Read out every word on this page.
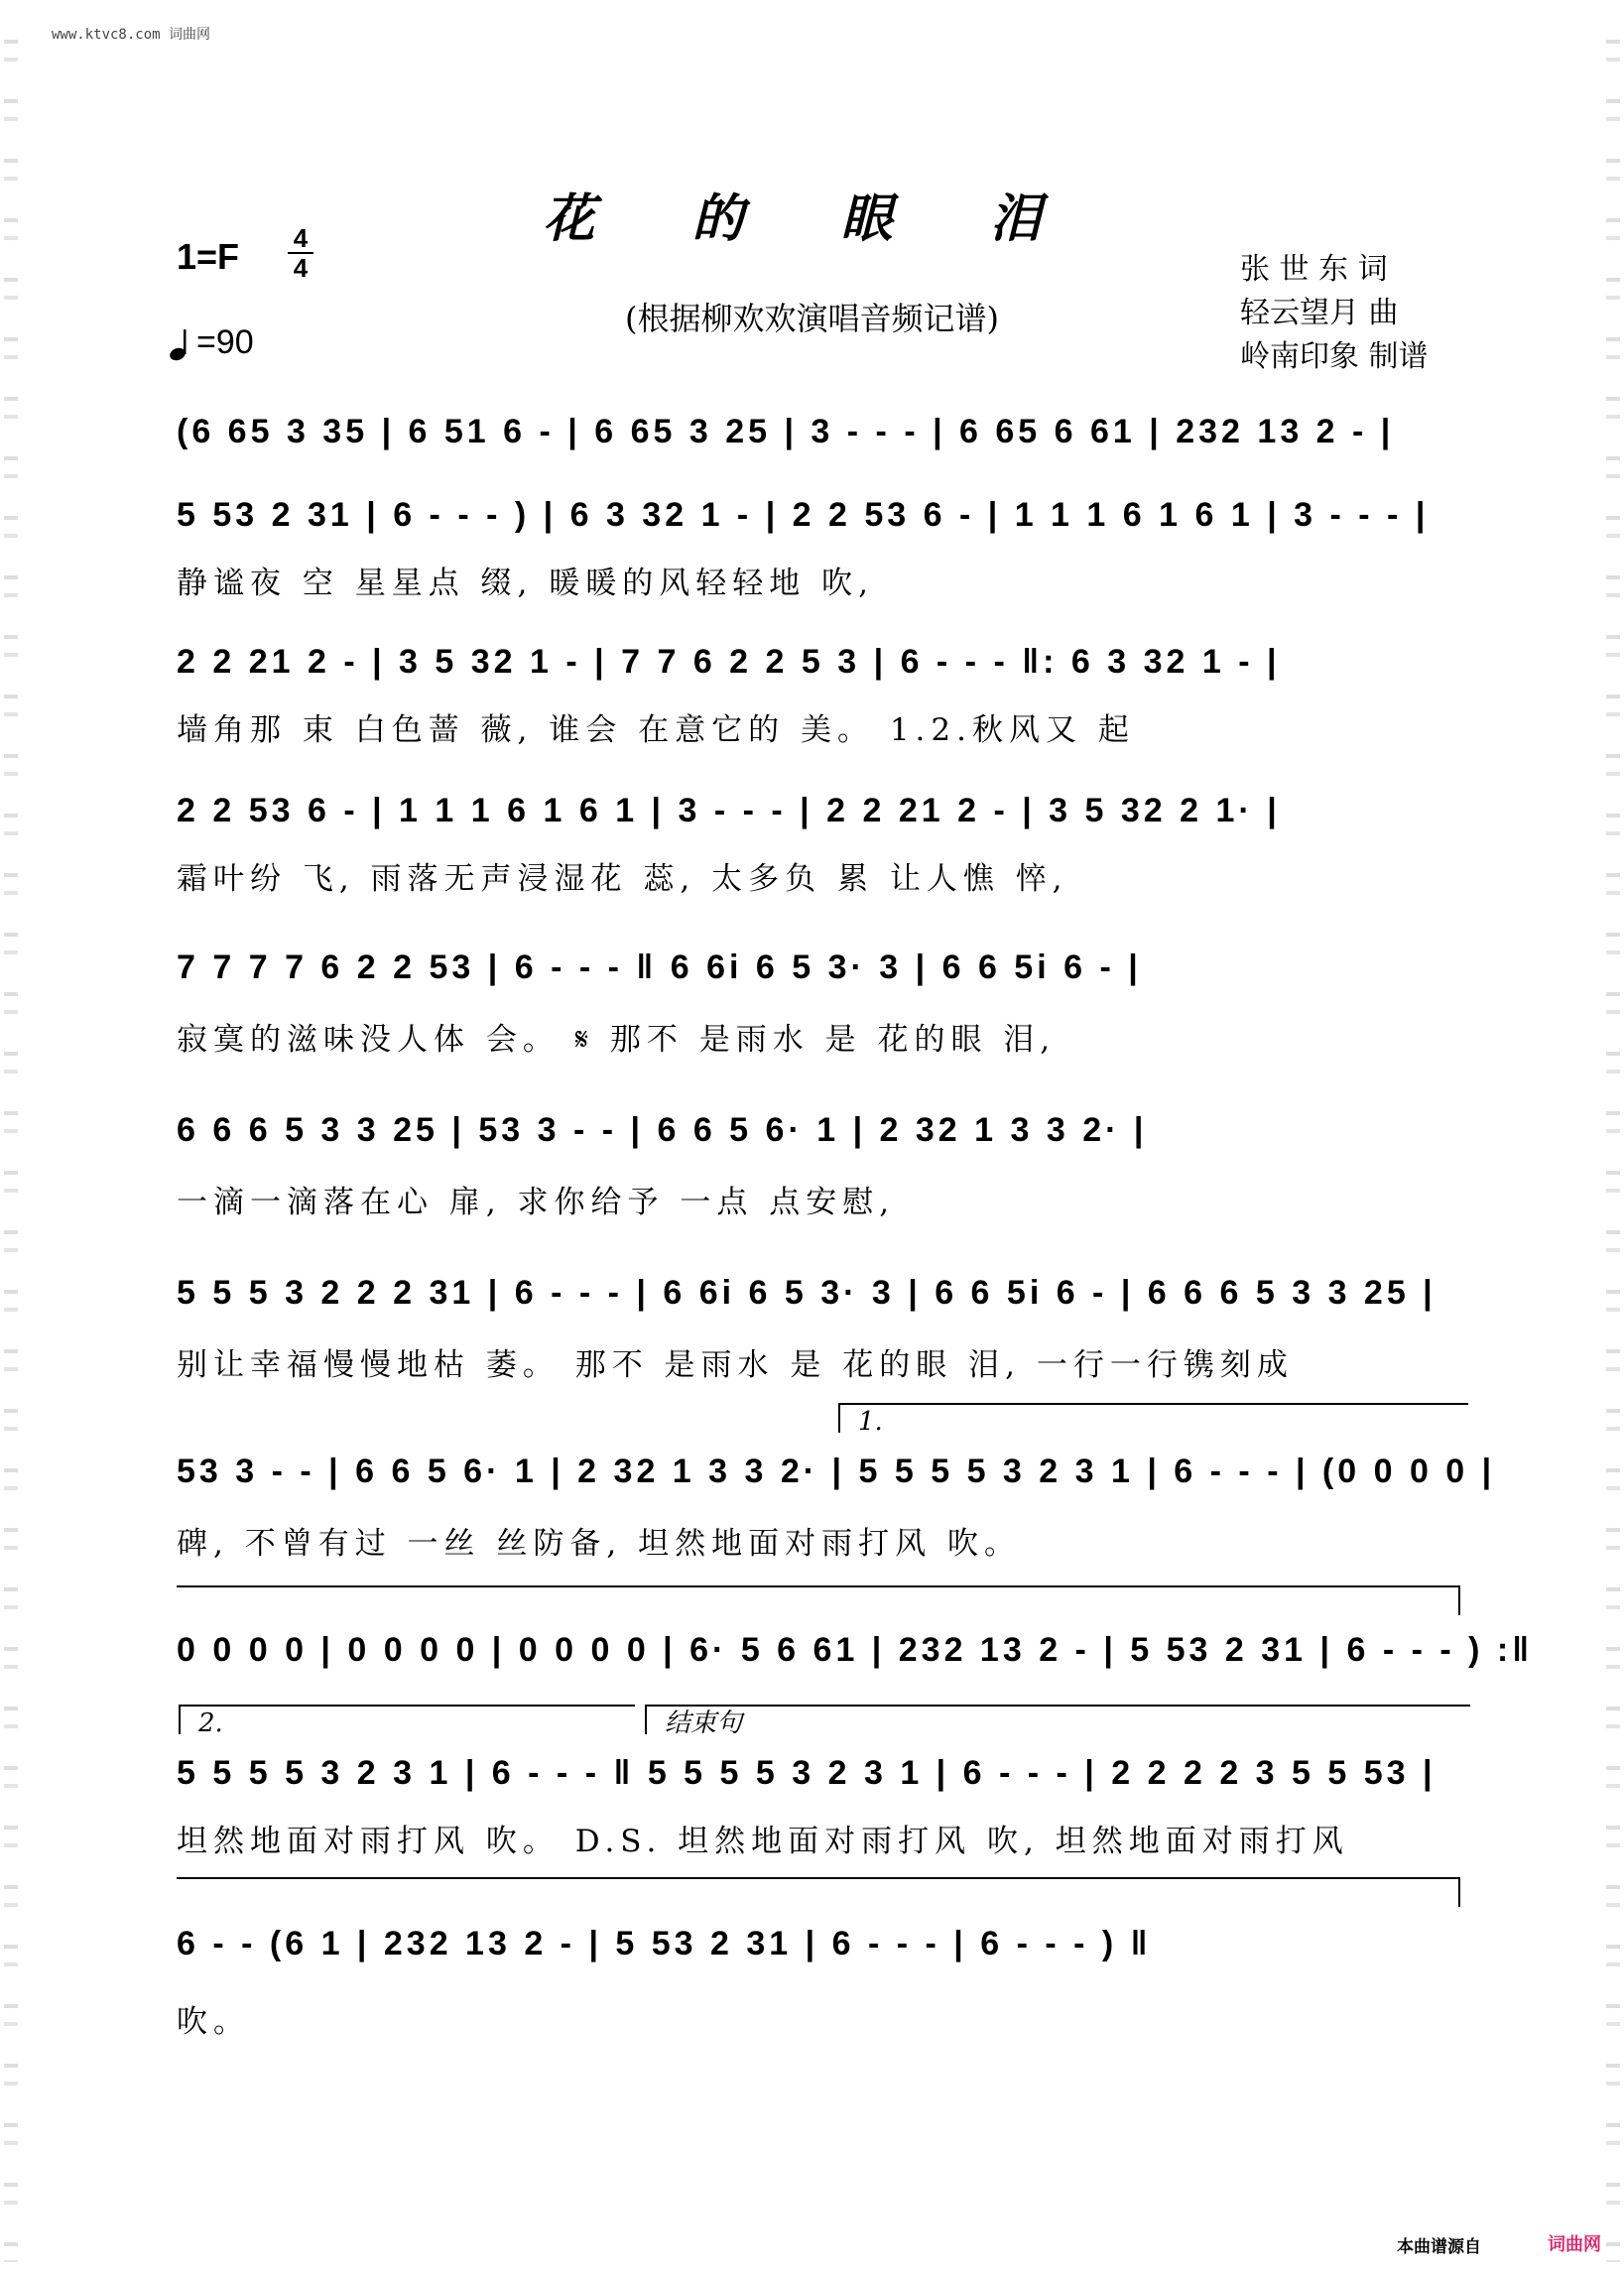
www.ktvc8.com 词曲网
花 的 眼 泪
1=F 4
4
=90
(根据柳欢欢演唱音频记谱)
张 世 东 词
轻云望月 曲
岭南印象 制谱
(6 65 3 35 | 6 51 6 - | 6 65 3 25 | 3 - - - | 6 65 6 61 | 232 13 2 - |
5 53 2 31 | 6 - - - ) | 6 3 32 1 - | 2 2 53 6 - | 1 1 1 6 1 6 1 | 3 - - - |
静谧夜 空 星星点 缀, 暖暖的风轻轻地 吹,
2 2 21 2 - | 3 5 32 1 - | 7 7 6 2 2 5 3 | 6 - - - ‖: 6 3 32 1 - |
墙角那 束 白色蔷 薇, 谁会 在意它的 美。 1.2.秋风又 起
2 2 53 6 - | 1 1 1 6 1 6 1 | 3 - - - | 2 2 21 2 - | 3 5 32 2 1· |
霜叶纷 飞, 雨落无声浸湿花 蕊, 太多负 累 让人憔 悴,
7 7 7 7 6 2 2 53 | 6 - - - ‖ 6 6i 6 5 3· 3 | 6 6 5i 6 - |
寂寞的滋味没人体 会。 𝄋 那不 是雨水 是 花的眼 泪,
6 6 6 5 3 3 25 | 53 3 - - | 6 6 5 6· 1 | 2 32 1 3 3 2· |
一滴一滴落在心 扉, 求你给予 一点 点安慰,
5 5 5 3 2 2 2 31 | 6 - - - | 6 6i 6 5 3· 3 | 6 6 5i 6 - | 6 6 6 5 3 3 25 |
别让幸福慢慢地枯 萎。 那不 是雨水 是 花的眼 泪, 一行一行镌刻成
1.
53 3 - - | 6 6 5 6· 1 | 2 32 1 3 3 2· | 5 5 5 5 3 2 3 1 | 6 - - - | (0 0 0 0 |
碑, 不曾有过 一丝 丝防备, 坦然地面对雨打风 吹。
0 0 0 0 | 0 0 0 0 | 0 0 0 0 | 6· 5 6 61 | 232 13 2 - | 5 53 2 31 | 6 - - - ) :‖
2.	结束句
5 5 5 5 3 2 3 1 | 6 - - - ‖ 5 5 5 5 3 2 3 1 | 6 - - - | 2 2 2 2 3 5 5 53 |
坦然地面对雨打风 吹。 D.S. 坦然地面对雨打风 吹, 坦然地面对雨打风
6 - - (6 1 | 232 13 2 - | 5 53 2 31 | 6 - - - | 6 - - - ) ‖
吹。
本曲谱源自	词曲网
